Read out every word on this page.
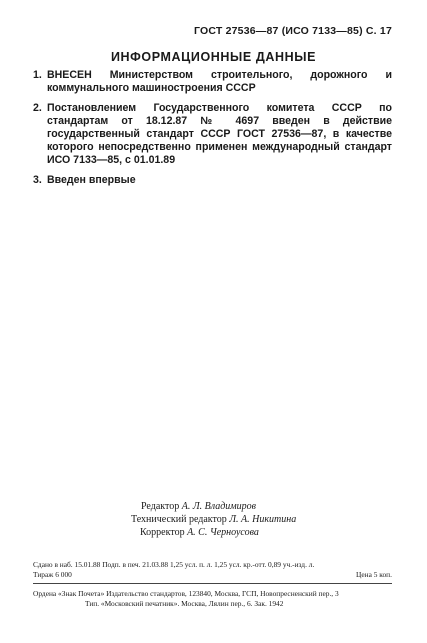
ГОСТ 27536—87 (ИСО 7133—85) С. 17
ИНФОРМАЦИОННЫЕ ДАННЫЕ
1. ВНЕСЕН Министерством строительного, дорожного и коммунального машиностроения СССР
2. Постановлением Государственного комитета СССР по стандартам от 18.12.87 № 4697 введен в действие государственный стандарт СССР ГОСТ 27536—87, в качестве которого непосредственно применен международный стандарт ИСО 7133—85, с 01.01.89
3. Введен впервые
Редактор А. Л. Владимиров
Технический редактор Л. А. Никитина
Корректор А. С. Черноусова
Сдано в наб. 15.01.88 Подп. в печ. 21.03.88 1,25 усл. п. л. 1,25 усл. кр.-отт. 0,89 уч.-изд. л.
Тираж 6 000	Цена 5 коп.
Ордена «Знак Почета» Издательство стандартов, 123840, Москва, ГСП, Новопресненский пер., 3
Тип. «Московский печатник». Москва, Лялин пер., 6. Зак. 1942
